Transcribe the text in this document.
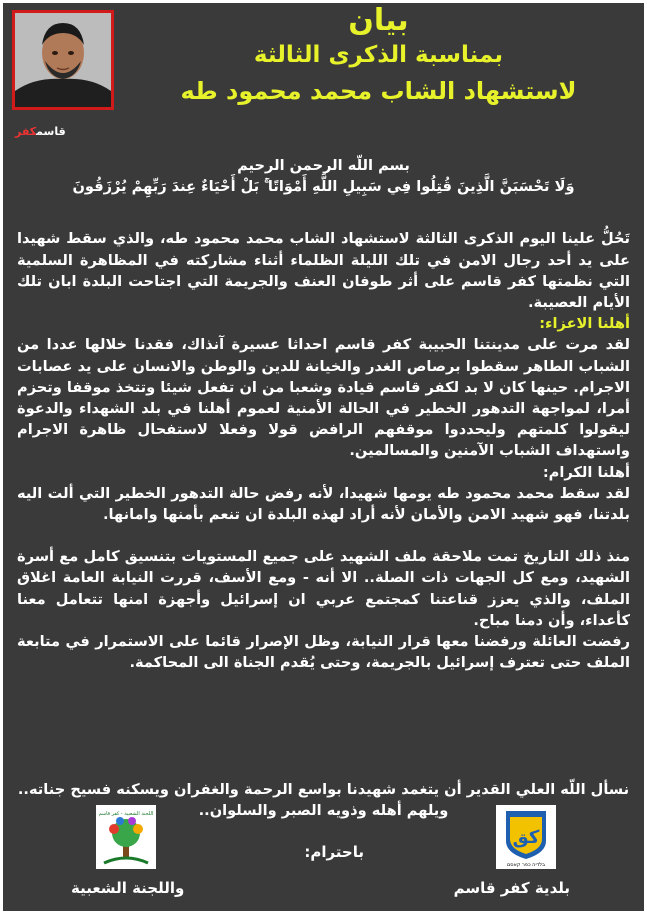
قاسمكفر
بيان
بمناسبة الذكرى الثالثة
لاستشهاد الشاب محمد محمود طه

بسم اللّه الرحمن الرحيم

وَلَا تَحْسَبَنَّ الَّذِينَ قُتِلُوا فِي سَبِيلِ اللَّهِ أَمْوَاتًا ۚ بَلْ أَحْيَاءٌ عِندَ رَبِّهِمْ يُرْزَقُونَ

تَحُلُّ علينا اليوم الذكرى الثالثة لاستشهاد الشاب محمد محمود طه، والذي سقط شهيدا على يد أحد رجال الامن في تلك الليلة الظلماء أثناء مشاركته في المظاهرة السلمية التي نظمتها كفر قاسم على أثر طوفان العنف والجريمة التي اجتاحت البلدة ابان تلك الأيام العصيبة.

أهلنا الاعزاء:

لقد مرت على مدينتنا الحبيبة كفر قاسم احداثا عسيرة آنذاك، فقدنا خلالها عددا من الشباب الطاهر سقطوا برصاص الغدر والخيانة للدين والوطن والانسان على يد عصابات الاجرام. حينها كان لا بد لكفر قاسم قيادة وشعبا من ان تفعل شيئا وتتخذ موقفا وتحزم أمرا، لمواجهة التدهور الخطير في الحالة الأمنية لعموم أهلنا في بلد الشهداء والدعوة ليقولوا كلمتهم وليحددوا موقفهم الرافض قولا وفعلا لاستفحال ظاهرة الاجرام واستهداف الشباب الآمنين والمسالمين.

أهلنا الكرام:

لقد سقط محمد محمود طه يومها شهيدا، لأنه رفض حالة التدهور الخطير التي ألت اليه بلدتنا، فهو شهيد الامن والأمان لأنه أراد لهذه البلدة ان تنعم بأمنها وامانها.

منذ ذلك التاريخ تمت ملاحقة ملف الشهيد على جميع المستويات بتنسيق كامل مع أسرة الشهيد، ومع كل الجهات ذات الصلة.. الا أنه - ومع الأسف، قررت النيابة العامة اغلاق الملف، والذي يعزز قناعتنا كمجتمع عربي ان إسرائيل وأجهزة امنها تتعامل معنا كأعداء، وأن دمنا مباح.

رفضت العائلة ورفضنا معها قرار النيابة، وظل الإصرار قائما على الاستمرار في متابعة الملف حتى تعترف إسرائيل بالجريمة، وحتى يُقدم الجناة الى المحاكمة.

نسأل اللّه العلي القدير أن يتغمد شهيدنا بواسع الرحمة والغفران ويسكنه فسيح جناته..
ويلهم أهله وذويه الصبر والسلوان..
كق
בלדיה כפר קאסם
اللجنة الشعبية - كفر قاسم
باحترام:
بلدية كفر قاسم
واللجنة الشعبية
